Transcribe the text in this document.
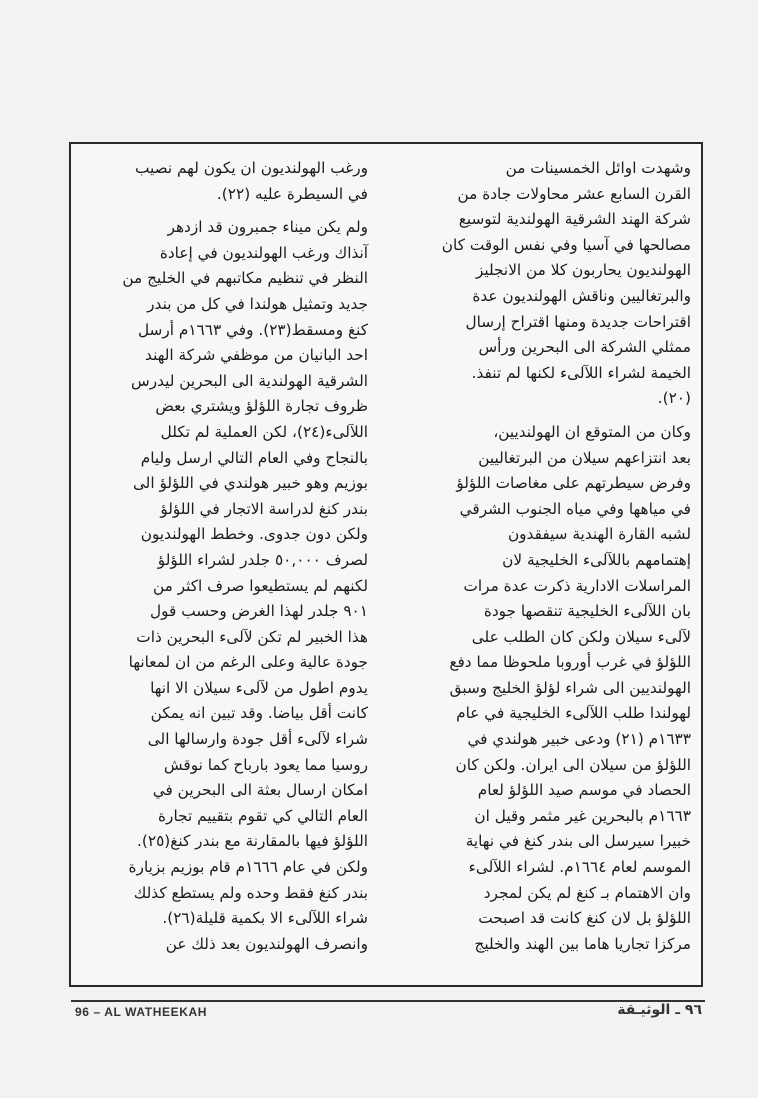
وشهدت اوائل الخمسينات من
القرن السابع عشر محاولات جادة من
شركة الهند الشرقية الهولندية لتوسيع
مصالحها في آسيا وفي نفس الوقت كان
الهولنديون يحاربون كلا من الانجليز
والبرتغاليين وناقش الهولنديون عدة
اقتراحات جديدة ومنها اقتراح إرسال
ممثلي الشركة الى البحرين ورأس
الخيمة لشراء اللآلىء لكنها لم تنفذ.
(٢٠).
وكان من المتوقع ان الهولنديين،
بعد انتزاعهم سيلان من البرتغاليين
وفرض سيطرتهم على مغاصات اللؤلؤ
في مياهها وفي مياه الجنوب الشرقي
لشبه القارة الهندية سيفقدون
إهتمامهم باللآلىء الخليجية لان
المراسلات الادارية ذكرت عدة مرات
بان اللآلىء الخليجية تنقصها جودة
لآلىء سيلان ولكن كان الطلب على
اللؤلؤ في غرب أوروبا ملحوظا مما دفع
الهولنديين الى شراء لؤلؤ الخليج وسبق
لهولندا طلب اللآلىء الخليجية في عام
١٦٣٣م (٢١) ودعى خبير هولندي في
اللؤلؤ من سيلان الى ايران. ولكن كان
الحصاد في موسم صيد اللؤلؤ لعام
١٦٦٣م بالبحرين غير مثمر وقيل ان
خبيرا سيرسل الى بندر كنغ في نهاية
الموسم لعام ١٦٦٤م. لشراء اللآلىء
وان الاهتمام بـ كنغ لم يكن لمجرد
اللؤلؤ بل لان كنغ كانت قد اصبحت
مركزا تجاريا هاما بين الهند والخليج
ورغب الهولنديون ان يكون لهم نصيب
في السيطرة عليه (٢٢).
ولم يكن ميناء جمبرون قد ازدهر
آنذاك ورغب الهولنديون في إعادة
النظر في تنظيم مكاتبهم في الخليج من
جديد وتمثيل هولندا في كل من بندر
كنغ ومسقط(٢٣). وفي ١٦٦٣م أرسل
احد البانيان من موظفي شركة الهند
الشرقية الهولندية الى البحرين ليدرس
ظروف تجارة اللؤلؤ ويشتري بعض
اللآلىء(٢٤)، لكن العملية لم تكلل
بالنجاح وفي العام التالي ارسل وليام
بوزيم وهو خبير هولندي في اللؤلؤ الى
بندر كنغ لدراسة الاتجار في اللؤلؤ
ولكن دون جدوى. وخطط الهولنديون
لصرف ٥٠,٠٠٠ جلدر لشراء اللؤلؤ
لكنهم لم يستطيعوا صرف اكثر من
٩٠١ جلدر لهذا الغرض وحسب قول
هذا الخبير لم تكن لآلىء البحرين ذات
جودة عالية وعلى الرغم من ان لمعانها
يدوم اطول من لآلىء سيلان الا انها
كانت أقل بياضا. وقد تبين انه يمكن
شراء لآلىء أقل جودة وارسالها الى
روسيا مما يعود بارباح كما نوقش
امكان ارسال بعثة الى البحرين في
العام التالي كي تقوم بتقييم تجارة
اللؤلؤ فيها بالمقارنة مع بندر كنغ(٢٥).
ولكن في عام ١٦٦٦م قام بوزيم بزيارة
بندر كنغ فقط وحده ولم يستطع كذلك
شراء اللآلىء الا بكمية قليلة(٢٦).
وانصرف الهولنديون بعد ذلك عن
96 – AL WATHEEKAH	٩٦ ـ الوثيـقة
